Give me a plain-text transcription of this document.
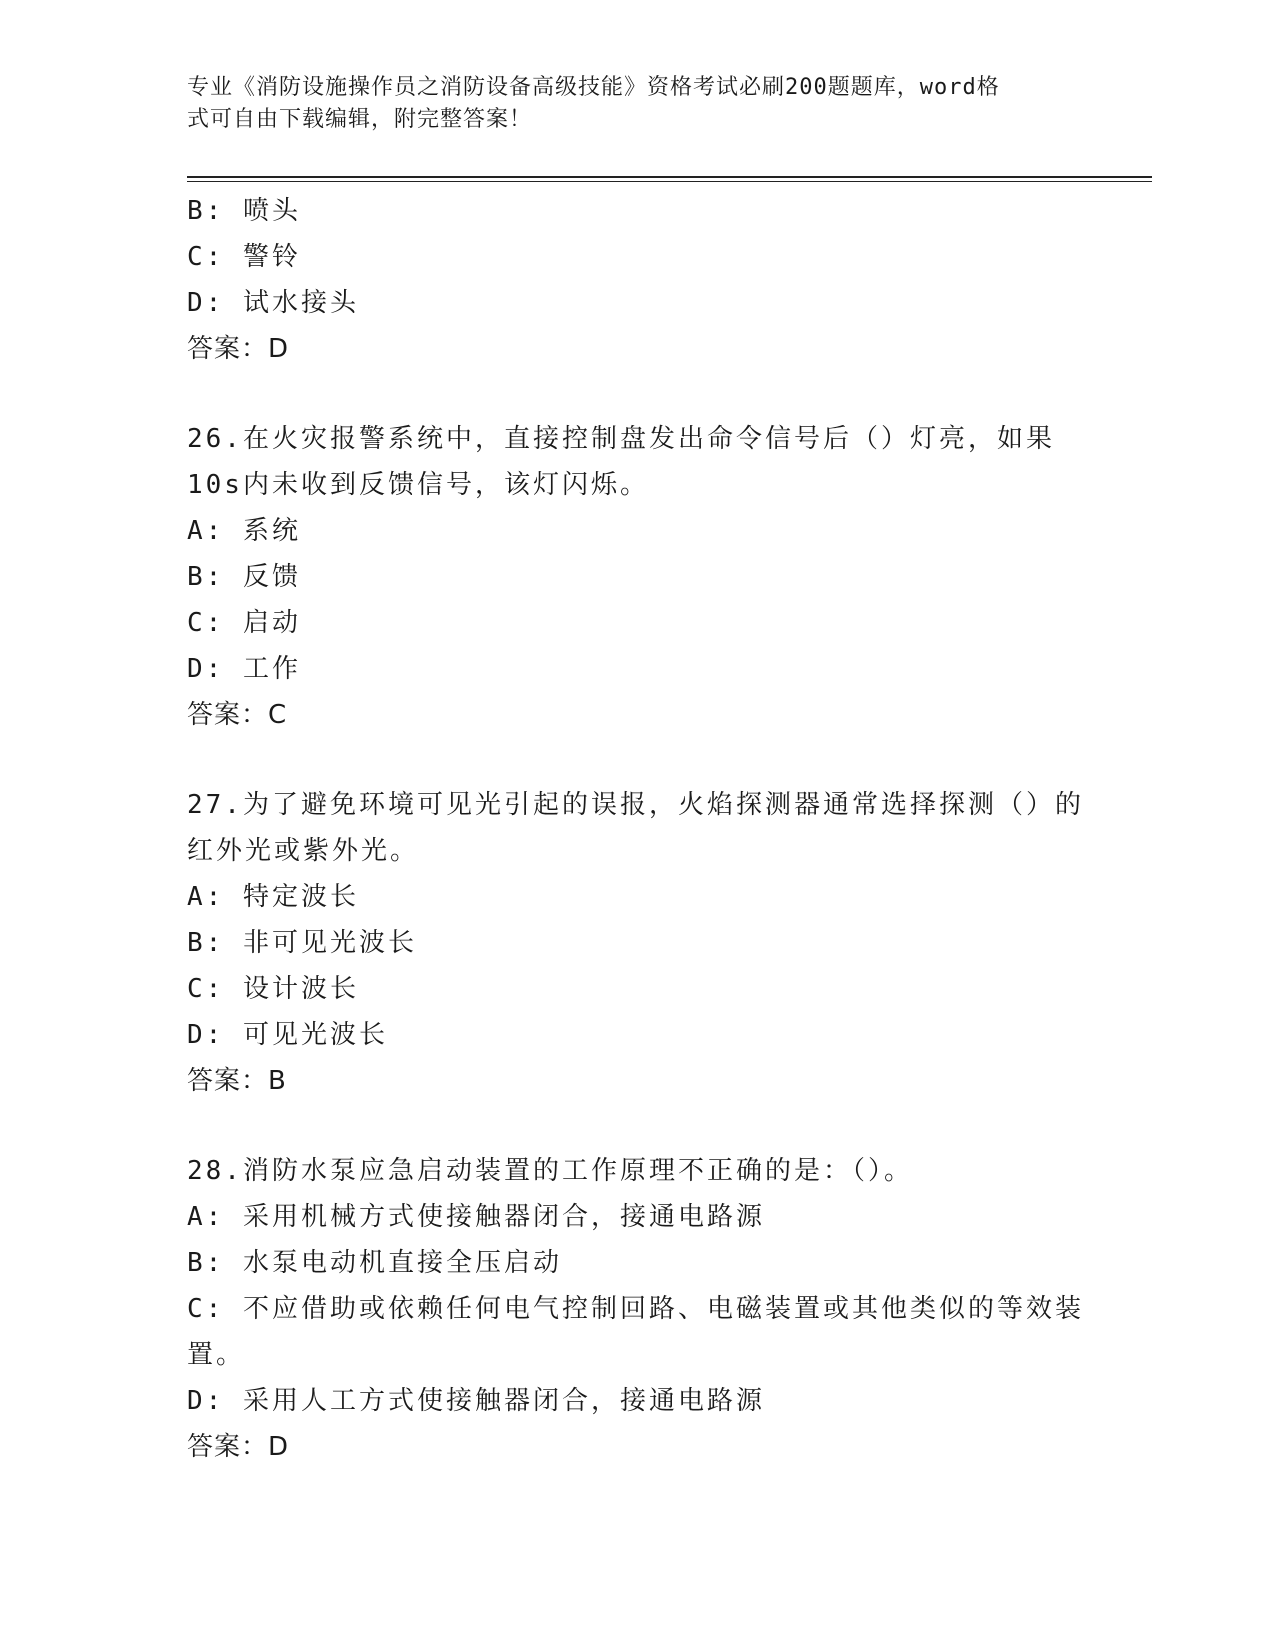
专业《消防设施操作员之消防设备高级技能》资格考试必刷200题题库，word格
式可自由下载编辑，附完整答案！
B: 喷头
C: 警铃
D: 试水接头
答案：D
26.在火灾报警系统中，直接控制盘发出命令信号后（）灯亮，如果
10s内未收到反馈信号，该灯闪烁。
A: 系统
B: 反馈
C: 启动
D: 工作
答案：C
27.为了避免环境可见光引起的误报，火焰探测器通常选择探测（）的
红外光或紫外光。
A: 特定波长
B: 非可见光波长
C: 设计波长
D: 可见光波长
答案：B
28.消防水泵应急启动装置的工作原理不正确的是：（）。
A: 采用机械方式使接触器闭合，接通电路源
B: 水泵电动机直接全压启动
C: 不应借助或依赖任何电气控制回路、电磁装置或其他类似的等效装
置。
D: 采用人工方式使接触器闭合，接通电路源
答案：D
